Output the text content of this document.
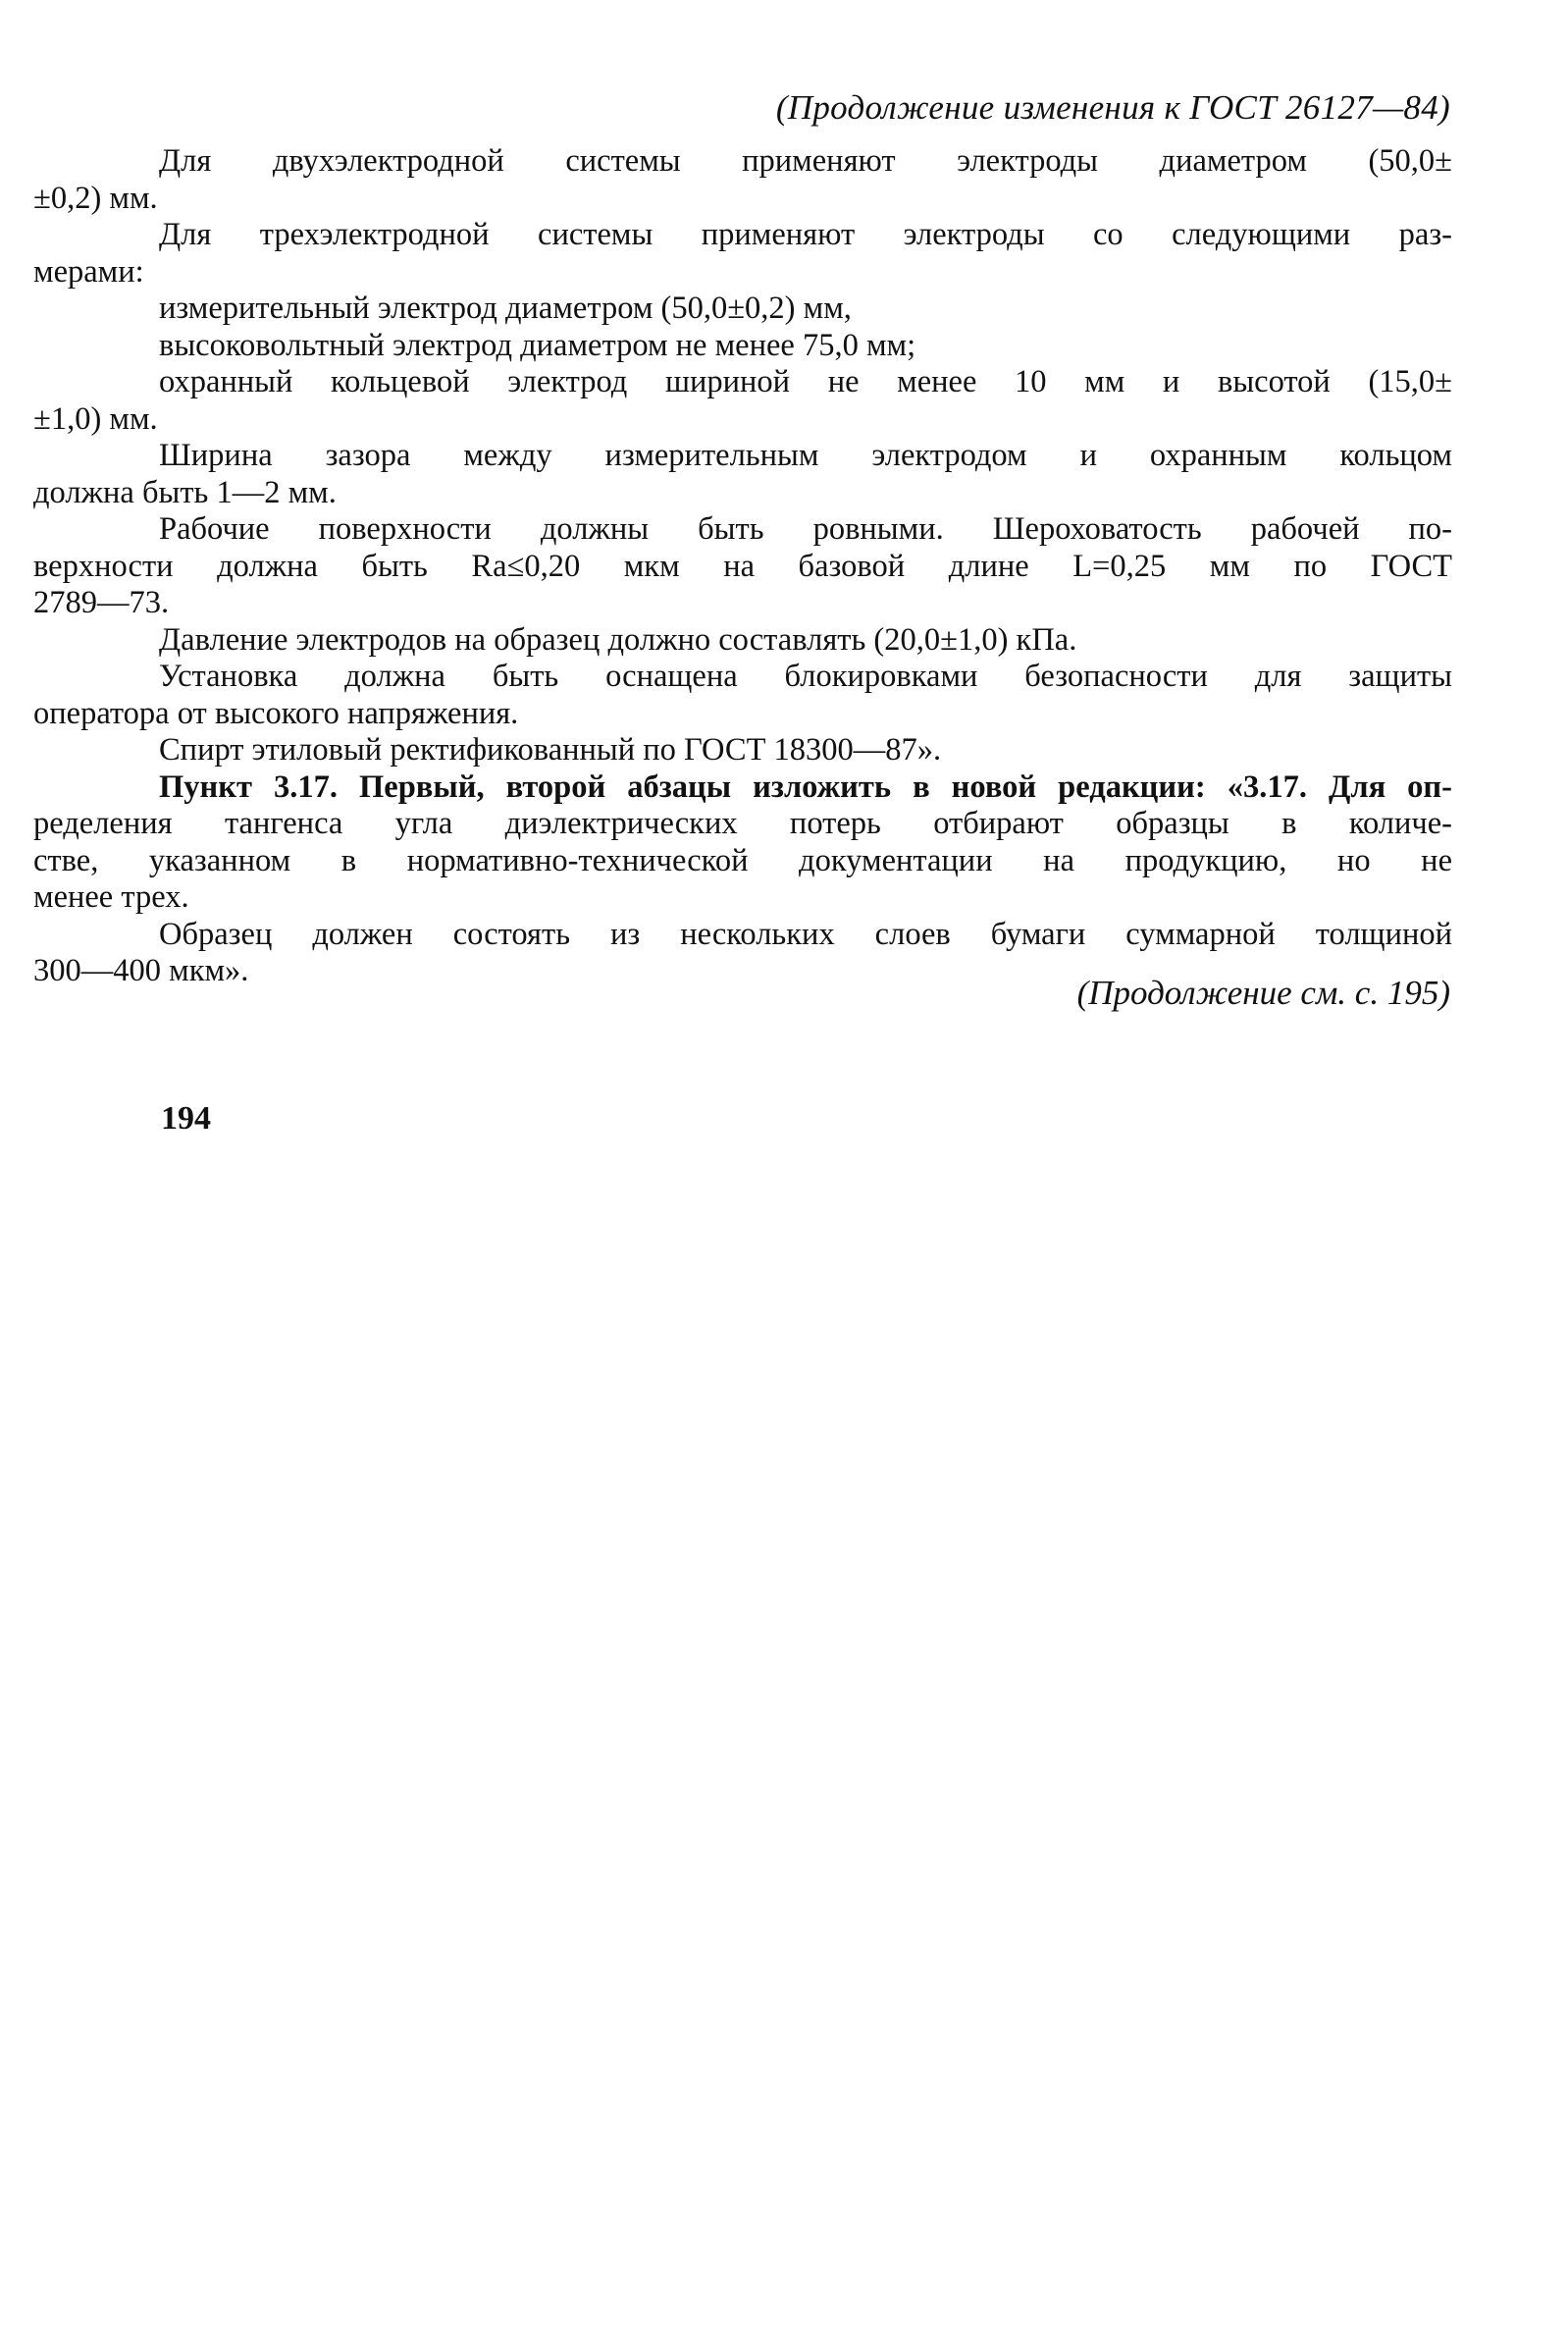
(Продолжение изменения к ГОСТ 26127—84)

Для двухэлектродной системы применяют электроды диаметром (50,0±
±0,2) мм.

Для трехэлектродной системы применяют электроды со следующими раз-
мерами:

измерительный электрод диаметром (50,0±0,2) мм,

высоковольтный электрод диаметром не менее 75,0 мм;

охранный кольцевой электрод шириной не менее 10 мм и высотой (15,0±
±1,0) мм.

Ширина зазора между измерительным электродом и охранным кольцом
должна быть 1—2 мм.

Рабочие поверхности должны быть ровными. Шероховатость рабочей по-
верхности должна быть Ra≤0,20 мкм на базовой длине L=0,25 мм по ГОСТ
2789—73.

Давление электродов на образец должно составлять (20,0±1,0) кПа.

Установка должна быть оснащена блокировками безопасности для защиты
оператора от высокого напряжения.

Спирт этиловый ректификованный по ГОСТ 18300—87».

Пункт 3.17. Первый, второй абзацы изложить в новой редакции: «3.17. Для оп-
ределения тангенса угла диэлектрических потерь отбирают образцы в количе-
стве, указанном в нормативно-технической документации на продукцию, но не
менее трех.

Образец должен состоять из нескольких слоев бумаги суммарной толщиной
300—400 мкм».

(Продолжение см. с. 195)
194
